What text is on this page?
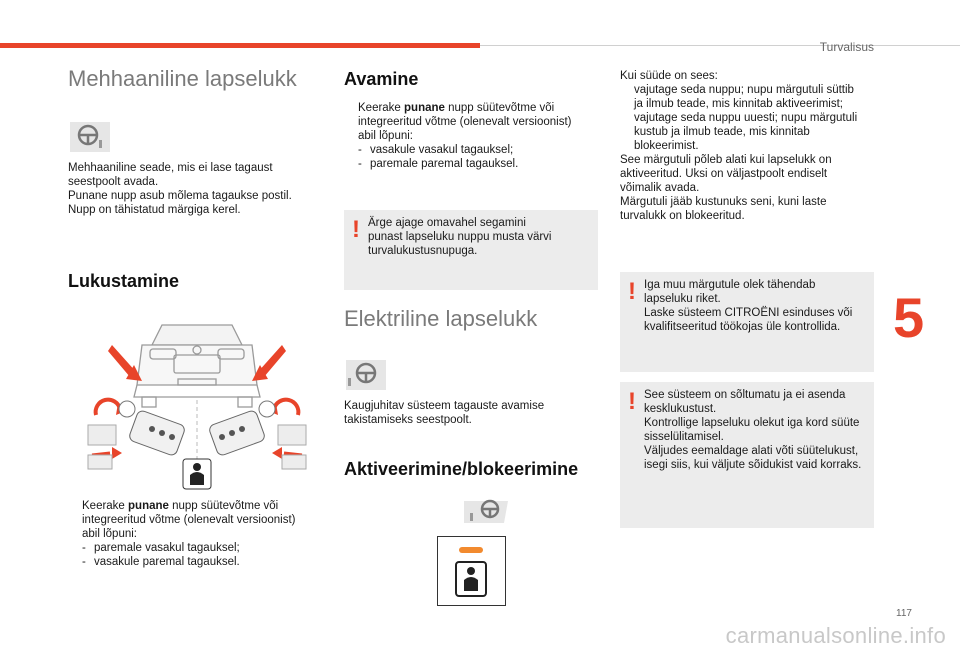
Turvalisus
5
117
Mehhaaniline lapselukk

Mehhaaniline seade, mis ei lase tagaust

seestpoolt avada.

Punane nupp asub mõlema tagaukse postil.

Nupp on tähistatud märgiga kerel.

Lukustamine
Keerake punane nupp süütevõtme või

integreeritud võtme (olenevalt versioonist)

abil lõpuni:

- paremale vasakul tagauksel;
- vasakule paremal tagauksel.
Avamine
Keerake punane nupp süütevõtme või

integreeritud võtme (olenevalt versioonist)

abil lõpuni:

- vasakule vasakul tagauksel;
- paremale paremal tagauksel.
! Ärge ajage omavahel segamini

punast lapseluku nuppu musta värvi

turvalukustusnupuga.

Elektriline lapselukk

Kaugjuhitav süsteem tagauste avamise

takistamiseks seestpoolt.

Aktiveerimine/blokeerimine

Kui süüde on sees:

vajutage seda nuppu; nupu märgutuli süttib

ja ilmub teade, mis kinnitab aktiveerimist;

vajutage seda nuppu uuesti; nupu märgutuli

kustub ja ilmub teade, mis kinnitab

blokeerimist.

See märgutuli põleb alati kui lapselukk on

aktiveeritud. Uksi on väljastpoolt endiselt

võimalik avada.

Märgutuli jääb kustunuks seni, kuni laste

turvalukk on blokeeritud.

! Iga muu märgutule olek tähendab

lapseluku riket.

Laske süsteem CITROËNI esinduses või

kvalifitseeritud töökojas üle kontrollida.

! See süsteem on sõltumatu ja ei asenda

kesklukustust.

Kontrollige lapseluku olekut iga kord süüte

sisselülitamisel.

Väljudes eemaldage alati võti süütelukust,

isegi siis, kui väljute sõidukist vaid korraks.

carmanualsonline.info
